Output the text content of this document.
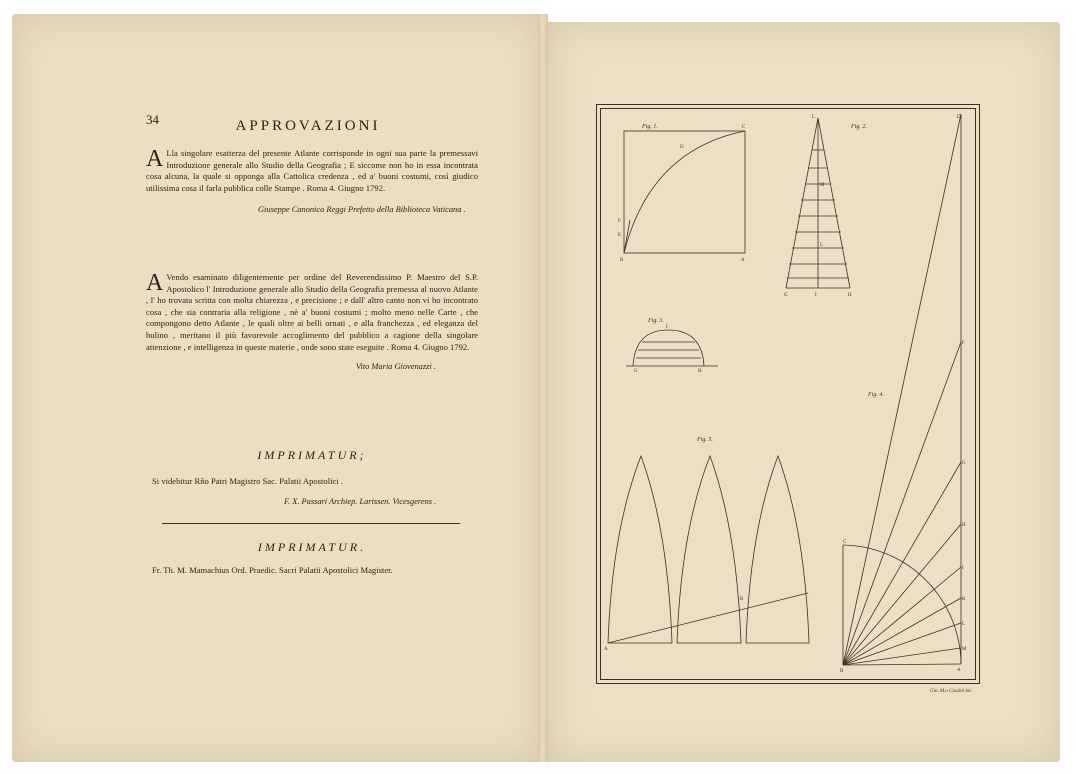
34	APPROVAZIONI
A Lla singolare esatterza del presente Atlante corrisponde in ogni sua parte la premessavi Introduzione generale allo Studio della Geografia ; E siccome non ho in essa incontrata cosa alcuna, la quale si opponga alla Cattolica credenza , ed a' buoni costumi, così giudico utilissima cosa il farla pubblica colle Stampe . Roma 4. Giugno 1792.
Giuseppe Canonico Reggi Prefetto della Biblioteca Vaticana .
A Vendo esaminato diligentemente per ordine del Reverendissimo P. Maestro del S.P. Apostolico l' Introduzione generale allo Studio della Geografia premessa al nuovo Atlante , l' ho trovata scritta con molta chiarezza , e precisione ; e dall' altro canto non vi ho incontrato cosa , che sia contraria alla religione , nè a' buoni costumi ; molto meno nelle Carte , che compongono detto Atlante , le quali oltre ai belli ornati , e alla franchezza , ed eleganza del bulino , meritano il più favorevole accoglimento del pubblico a cagione della singolare attenzione , e intelligenza in queste materie , onde sono state eseguite . Roma 4. Giugno 1792.
Vito Maria Giovenazzi .
IMPRIMATUR;
Si videbitur Rño Patri Magistro Sac. Palatii Apostolici .
F. X. Passari Archiep. Larissen. Vicesgerens .
IMPRIMATUR.
Fr. Th. M. Mamachius Ord. Praedic. Sacri Palatii Apostolici Magister.
Fig. 1.	Fig. 2.
Fig. 3.
Fig. 4.
Fig. 5.
C
D
F
E
B	A
L
M
L
G	I	H
G	H
I
D
F
G
H
I
K
L
M
A
B
C
A
B
Gio. M.o Cassini inc.
